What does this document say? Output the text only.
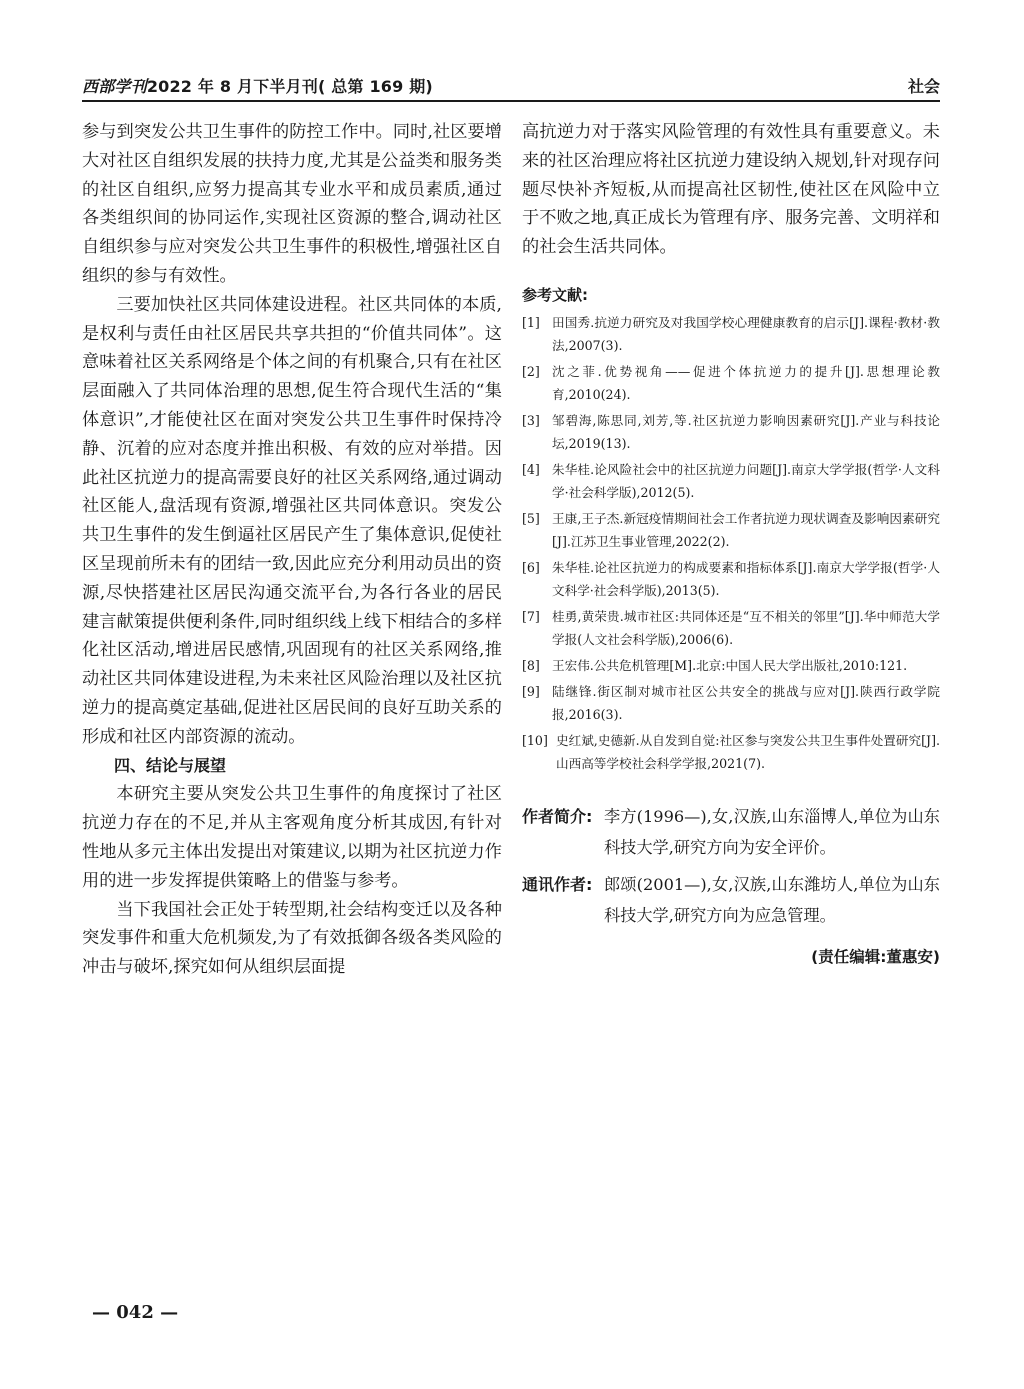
西部学刊2022 年 8 月下半月刊( 总第 169 期)	社会

参与到突发公共卫生事件的防控工作中。同时,社区要增大对社区自组织发展的扶持力度,尤其是公益类和服务类的社区自组织,应努力提高其专业水平和成员素质,通过各类组织间的协同运作,实现社区资源的整合,调动社区自组织参与应对突发公共卫生事件的积极性,增强社区自组织的参与有效性。

三要加快社区共同体建设进程。社区共同体的本质,是权利与责任由社区居民共享共担的“价值共同体”。这意味着社区关系网络是个体之间的有机聚合,只有在社区层面融入了共同体治理的思想,促生符合现代生活的“集体意识”,才能使社区在面对突发公共卫生事件时保持冷静、沉着的应对态度并推出积极、有效的应对举措。因此社区抗逆力的提高需要良好的社区关系网络,通过调动社区能人,盘活现有资源,增强社区共同体意识。突发公共卫生事件的发生倒逼社区居民产生了集体意识,促使社区呈现前所未有的团结一致,因此应充分利用动员出的资源,尽快搭建社区居民沟通交流平台,为各行各业的居民建言献策提供便利条件,同时组织线上线下相结合的多样化社区活动,增进居民感情,巩固现有的社区关系网络,推动社区共同体建设进程,为未来社区风险治理以及社区抗逆力的提高奠定基础,促进社区居民间的良好互助关系的形成和社区内部资源的流动。

四、结论与展望

本研究主要从突发公共卫生事件的角度探讨了社区抗逆力存在的不足,并从主客观角度分析其成因,有针对性地从多元主体出发提出对策建议,以期为社区抗逆力作用的进一步发挥提供策略上的借鉴与参考。

当下我国社会正处于转型期,社会结构变迁以及各种突发事件和重大危机频发,为了有效抵御各级各类风险的冲击与破坏,探究如何从组织层面提

高抗逆力对于落实风险管理的有效性具有重要意义。未来的社区治理应将社区抗逆力建设纳入规划,针对现存问题尽快补齐短板,从而提高社区韧性,使社区在风险中立于不败之地,真正成长为管理有序、服务完善、文明祥和的社会生活共同体。

参考文献:
[1] 田国秀.抗逆力研究及对我国学校心理健康教育的启示[J].课程·教材·教法,2007(3).
[2] 沈之菲.优势视角——促进个体抗逆力的提升[J].思想理论教育,2010(24).
[3] 邹碧海,陈思同,刘芳,等.社区抗逆力影响因素研究[J].产业与科技论坛,2019(13).
[4] 朱华桂.论风险社会中的社区抗逆力问题[J].南京大学学报(哲学·人文科学·社会科学版),2012(5).
[5] 王康,王子杰.新冠疫情期间社会工作者抗逆力现状调查及影响因素研究[J].江苏卫生事业管理,2022(2).
[6] 朱华桂.论社区抗逆力的构成要素和指标体系[J].南京大学学报(哲学·人文科学·社会科学版),2013(5).
[7] 桂勇,黄荣贵.城市社区:共同体还是“互不相关的邻里”[J].华中师范大学学报(人文社会科学版),2006(6).
[8] 王宏伟.公共危机管理[M].北京:中国人民大学出版社,2010:121.
[9] 陆继锋.街区制对城市社区公共安全的挑战与应对[J].陕西行政学院报,2016(3).
[10] 史红斌,史德新.从自发到自觉:社区参与突发公共卫生事件处置研究[J].山西高等学校社会科学学报,2021(7).
作者简介: 李方(1996—),女,汉族,山东淄博人,单位为山东科技大学,研究方向为安全评价。
通讯作者: 郎颂(2001—),女,汉族,山东潍坊人,单位为山东科技大学,研究方向为应急管理。
(责任编辑:董惠安)
— 042 —
